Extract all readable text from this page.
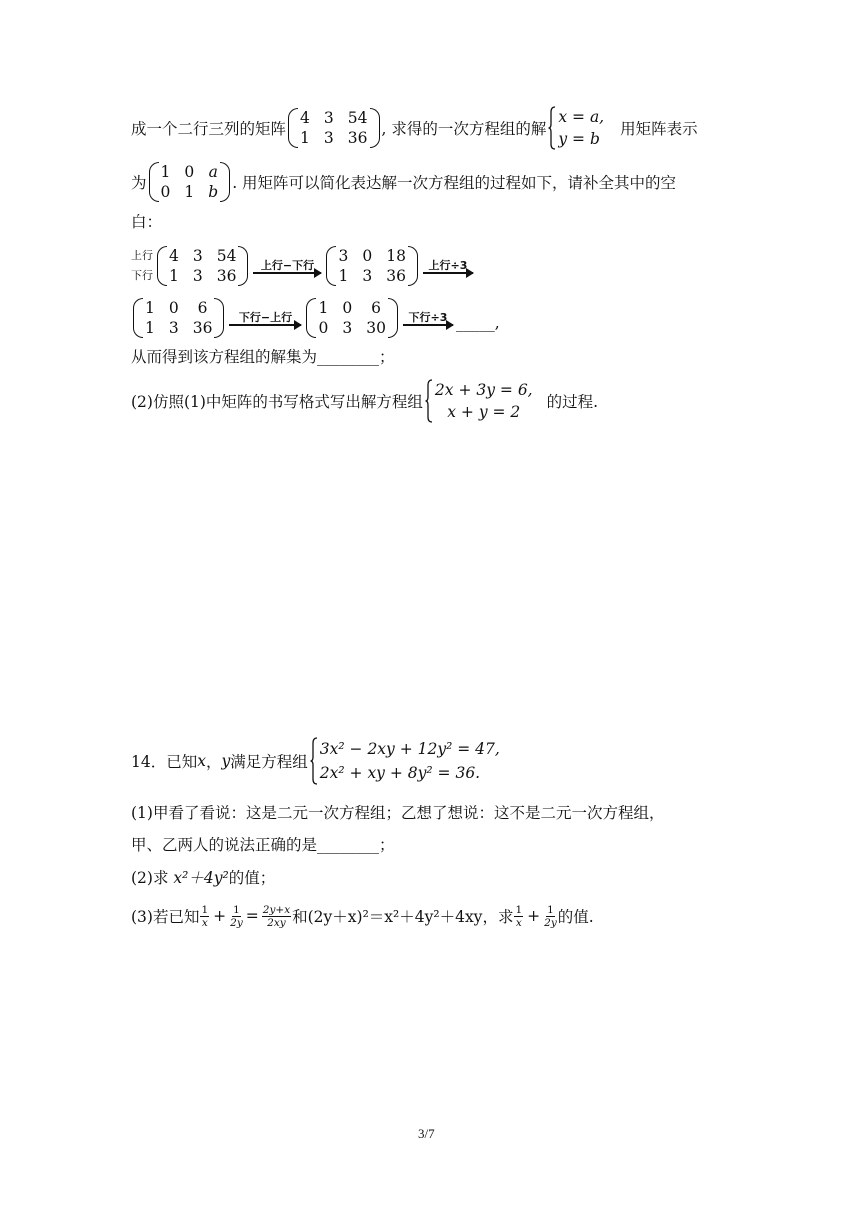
成一个二行三列的矩阵
4 3 54
1 3 36 , 求得的一次方程组的解
x = a,
y = b
用矩阵表示
为
1 0 a
0 1 b . 用矩阵可以简化表达解一次方程组的过程如下，请补全其中的空
白：
上行
下行
4 3 54
1 3 36
上行−下行 3 0 18
1 3 36
上行÷3
1 0	6
1 3 36
下行−上行 1 0	6
0 3 30
下行÷3 _____ ,
从而得到该方程组的解集为________；
(2)仿照(1)中矩阵的书写格式写出解方程组
2x + 3y = 6,
x + y = 2
的过程.
14．已知 x ， y 满足方程组
3x² − 2xy + 12y² = 47,
2x² + xy + 8y² = 36.
(1)甲看了看说：这是二元一次方程组；乙想了想说：这不是二元一次方程组，
甲、乙两人的说法正确的是________；
(2)求 x²＋4y²的值；
(3)若已知 $\frac{1}{x} + \frac{1}{2y} = \frac{2y+x}{2xy}$ 和(2y＋x)²＝x²＋4y²＋4xy，求 $\frac{1}{x} + \frac{1}{2y}$ 的值.
3/7
